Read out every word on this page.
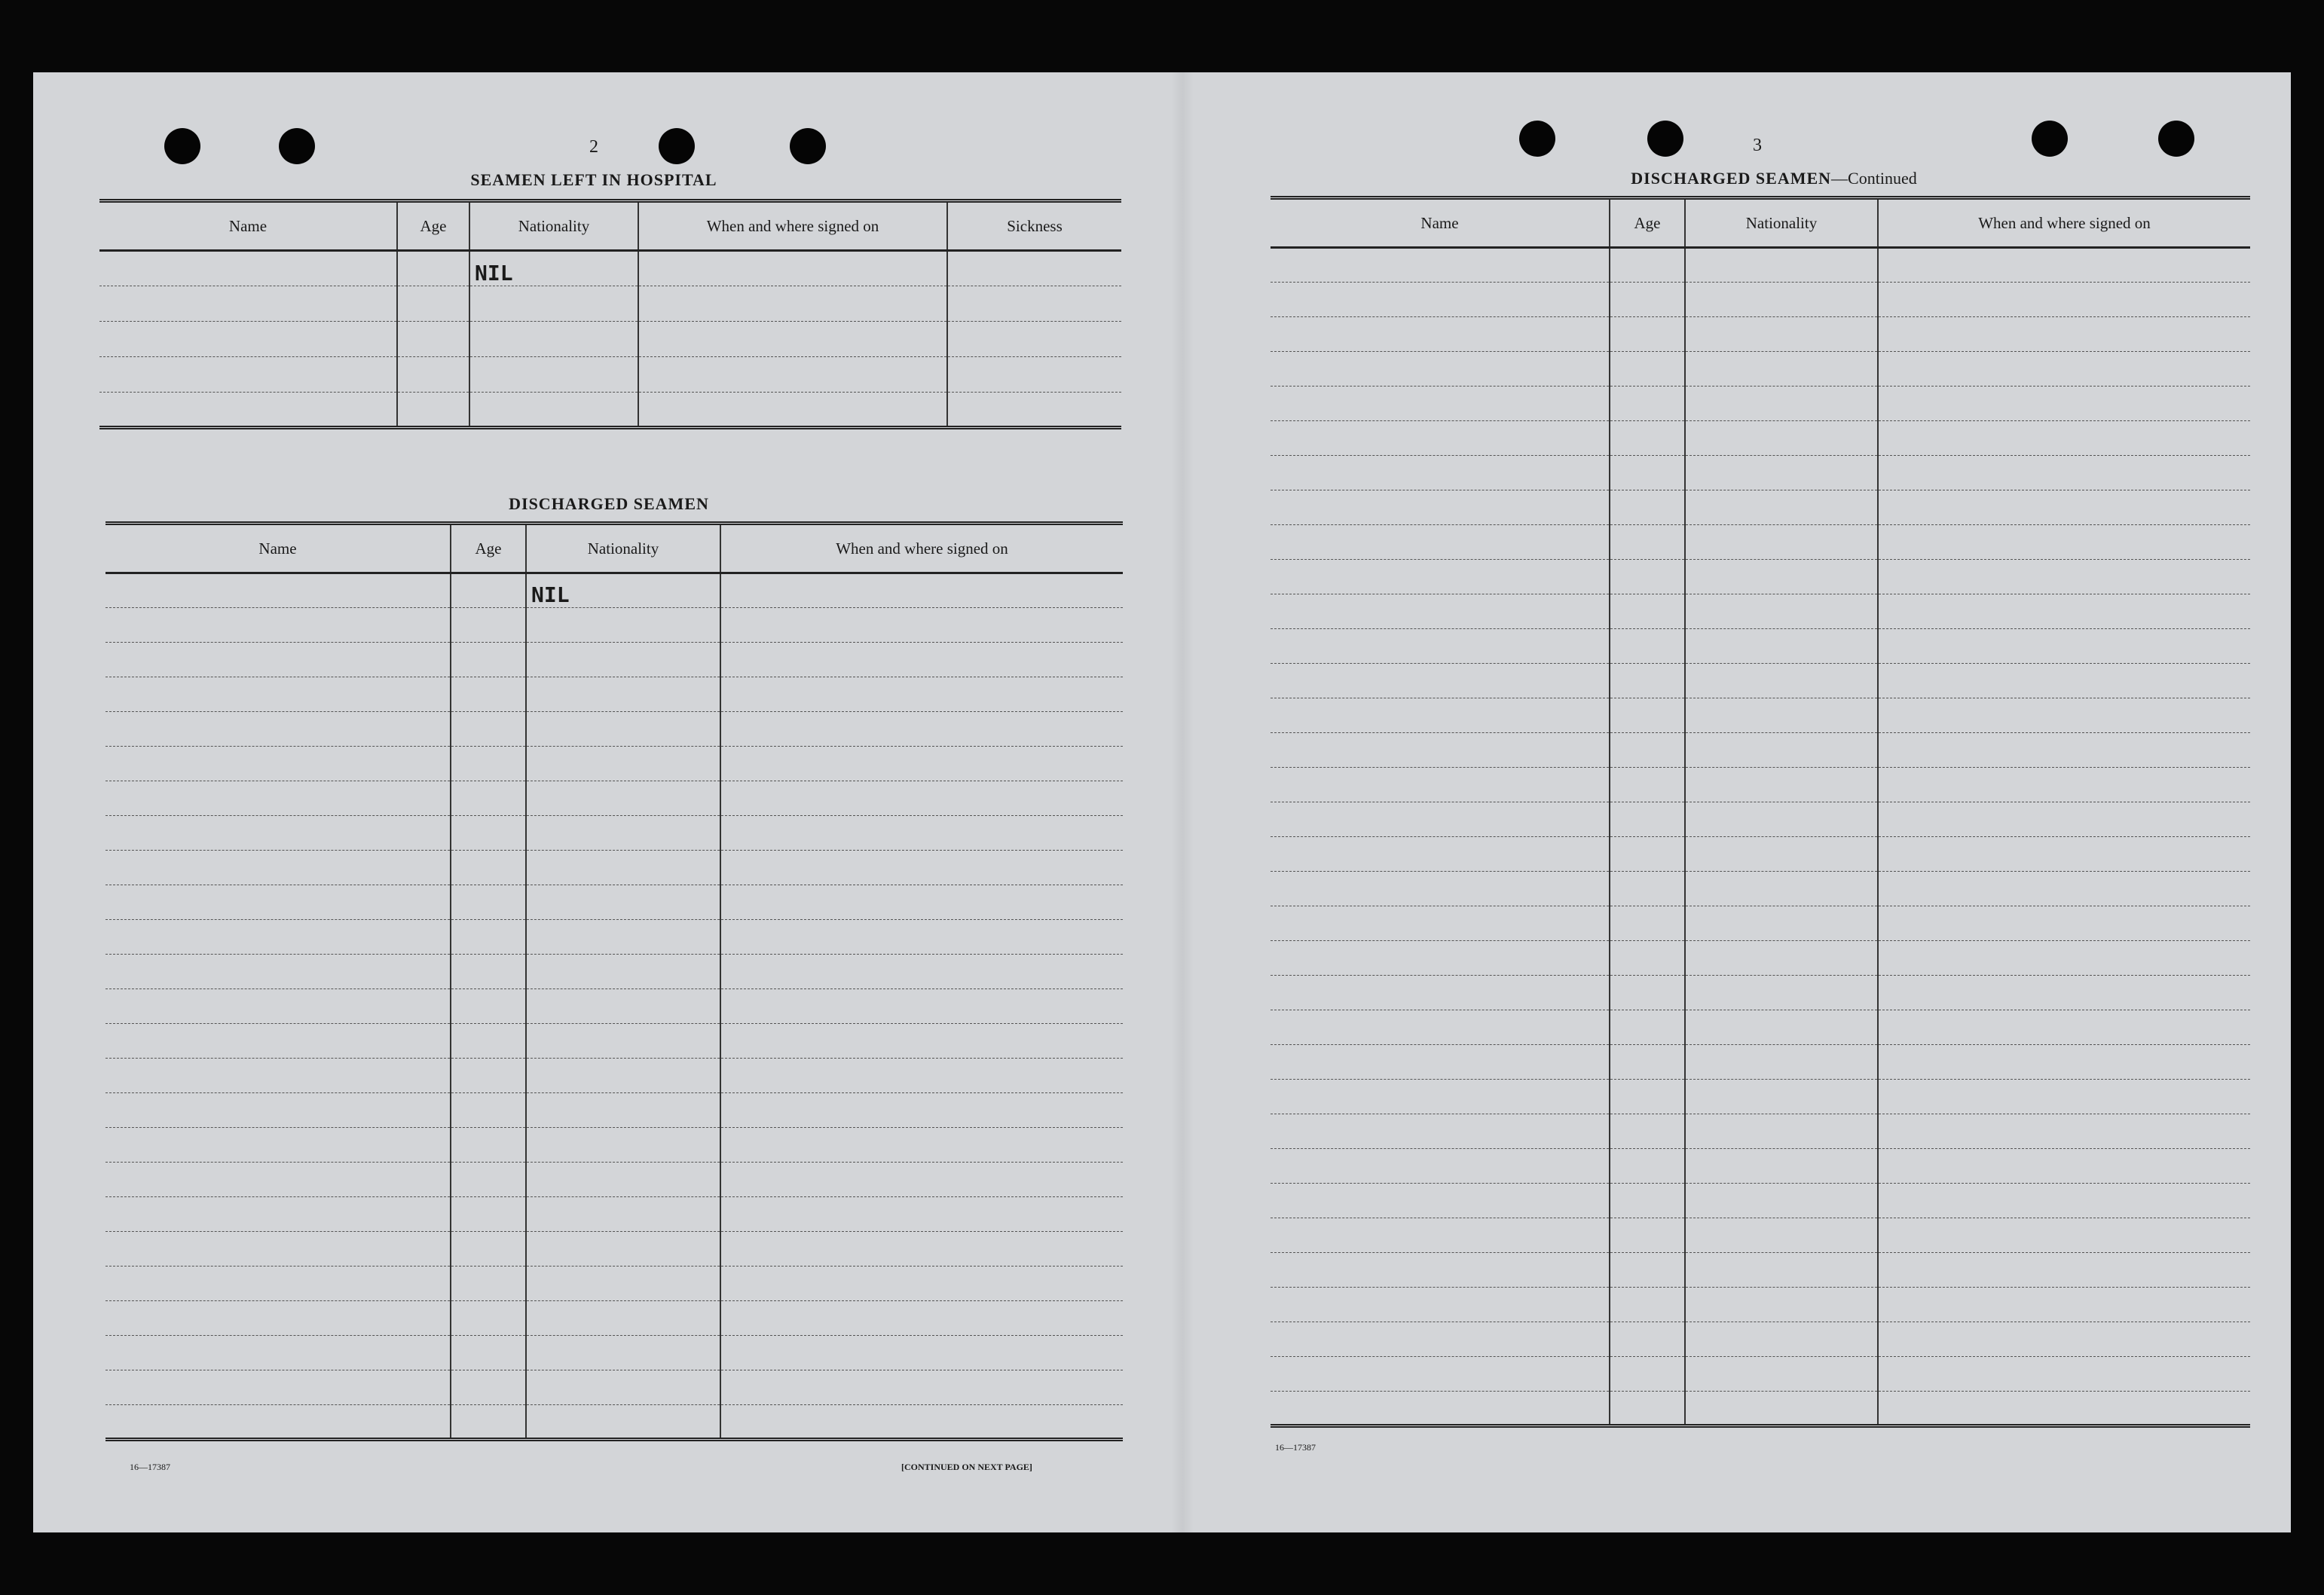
2
SEAMEN LEFT IN HOSPITAL
Name	Age	Nationality	When and where signed on	Sickness
		NIL		

DISCHARGED SEAMEN
Name	Age	Nationality	When and where signed on
		NIL	

16—17387	[CONTINUED ON NEXT PAGE]
3
DISCHARGED SEAMEN—Continued
Name	Age	Nationality	When and where signed on

16—17387
